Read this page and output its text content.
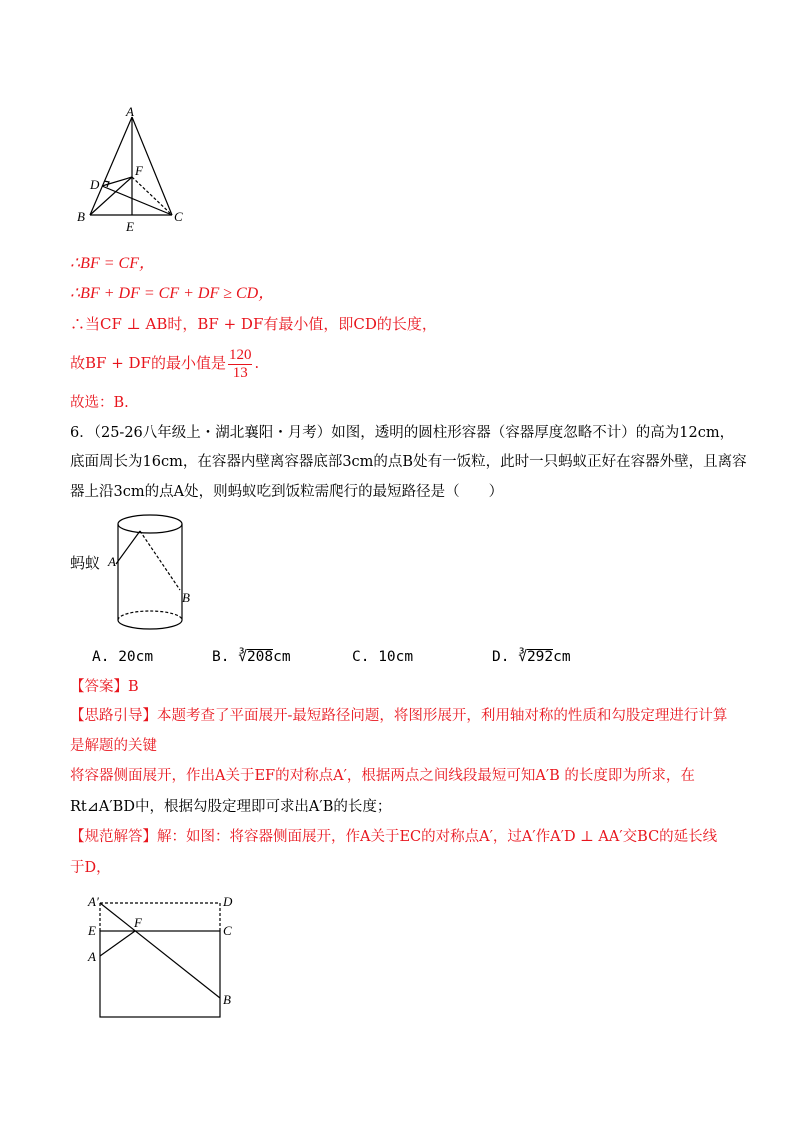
A
F
D
B	C
E
∴BF = CF，
∴BF + DF = CF + DF ≥ CD，
∴当CF ⊥ AB时，BF + DF有最小值，即CD的长度，
故BF + DF的最小值是 $\frac{120}{13}$ .
故选：B.
6．（25-26八年级上・湖北襄阳・月考）如图，透明的圆柱形容器（容器厚度忽略不计）的高为12cm，
底面周长为16cm，在容器内壁离容器底部3cm的点B处有一饭粒，此时一只蚂蚁正好在容器外壁，且离容
器上沿3cm的点A处，则蚂蚁吃到饭粒需爬行的最短路径是（　　）
A
B
蚂蚁
A. 20cm	B. ∛208cm	C. 10cm	D. ∛292cm
【答案】B
【思路引导】本题考查了平面展开-最短路径问题，将图形展开，利用轴对称的性质和勾股定理进行计算
是解题的关键
将容器侧面展开，作出A关于EF的对称点A′，根据两点之间线段最短可知A′B 的长度即为所求，在
Rt⊿A′BD中，根据勾股定理即可求出A′B的长度；
【规范解答】解：如图：将容器侧面展开，作A关于EC的对称点A′，过A′作A′D ⊥ AA′交BC的延长线
于D，
A′	D
E
F
C
A
B
